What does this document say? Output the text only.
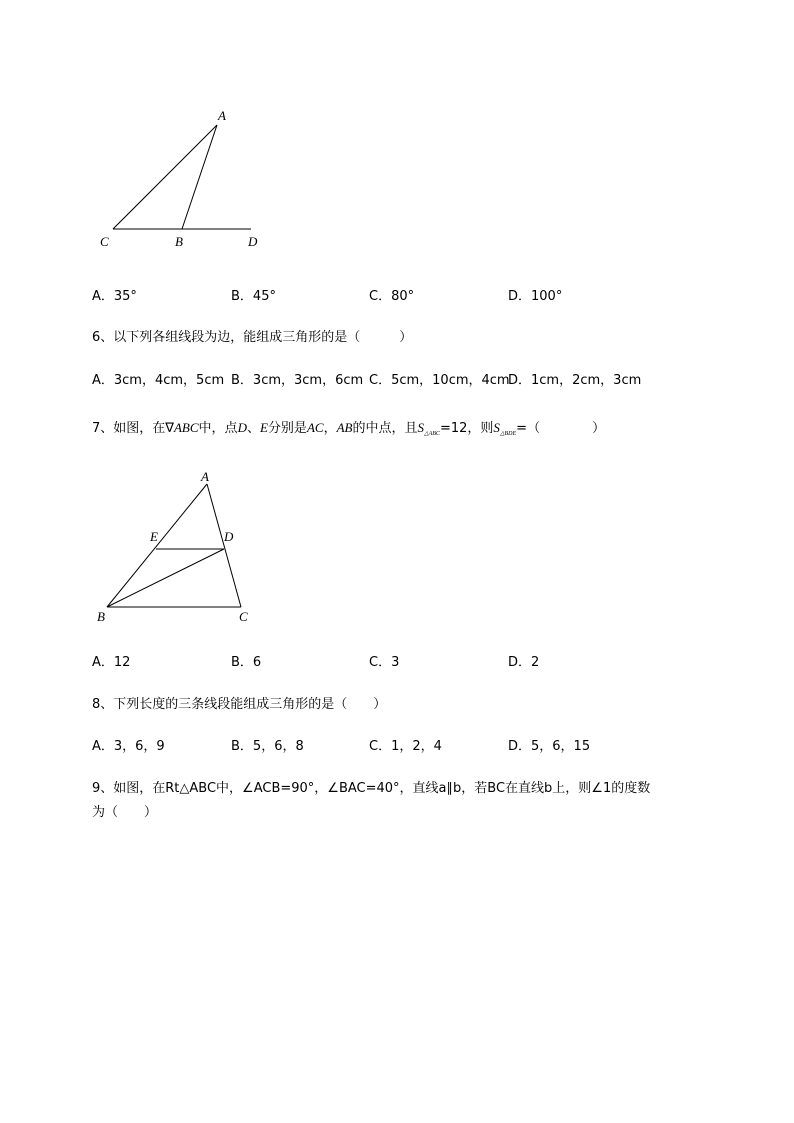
A
C	B	D
A．35°	B．45°	C．80°	D．100°
6、以下列各组线段为边，能组成三角形的是（　　　）
A．3cm，4cm，5cm B．3cm，3cm，6cm C．5cm，10cm，4cm
D．1cm，2cm，3cm
7、如图，在∇ABC中，点D、E分别是AC，AB的中点，且$S_{\triangle ABC}=12$，则$S_{\triangle BDE}=$（　　　　）
A
E	D
B	C
A．12	B．6	C．3	D．2
8、下列长度的三条线段能组成三角形的是（　　）
A．3，6，9	B．5，6，8	C．1，2，4	D．5，6，15
9、如图，在Rt△ABC中，∠ACB=90°，∠BAC=40°，直线a∥b，若BC在直线b上，则∠1的度数
为（　　）
